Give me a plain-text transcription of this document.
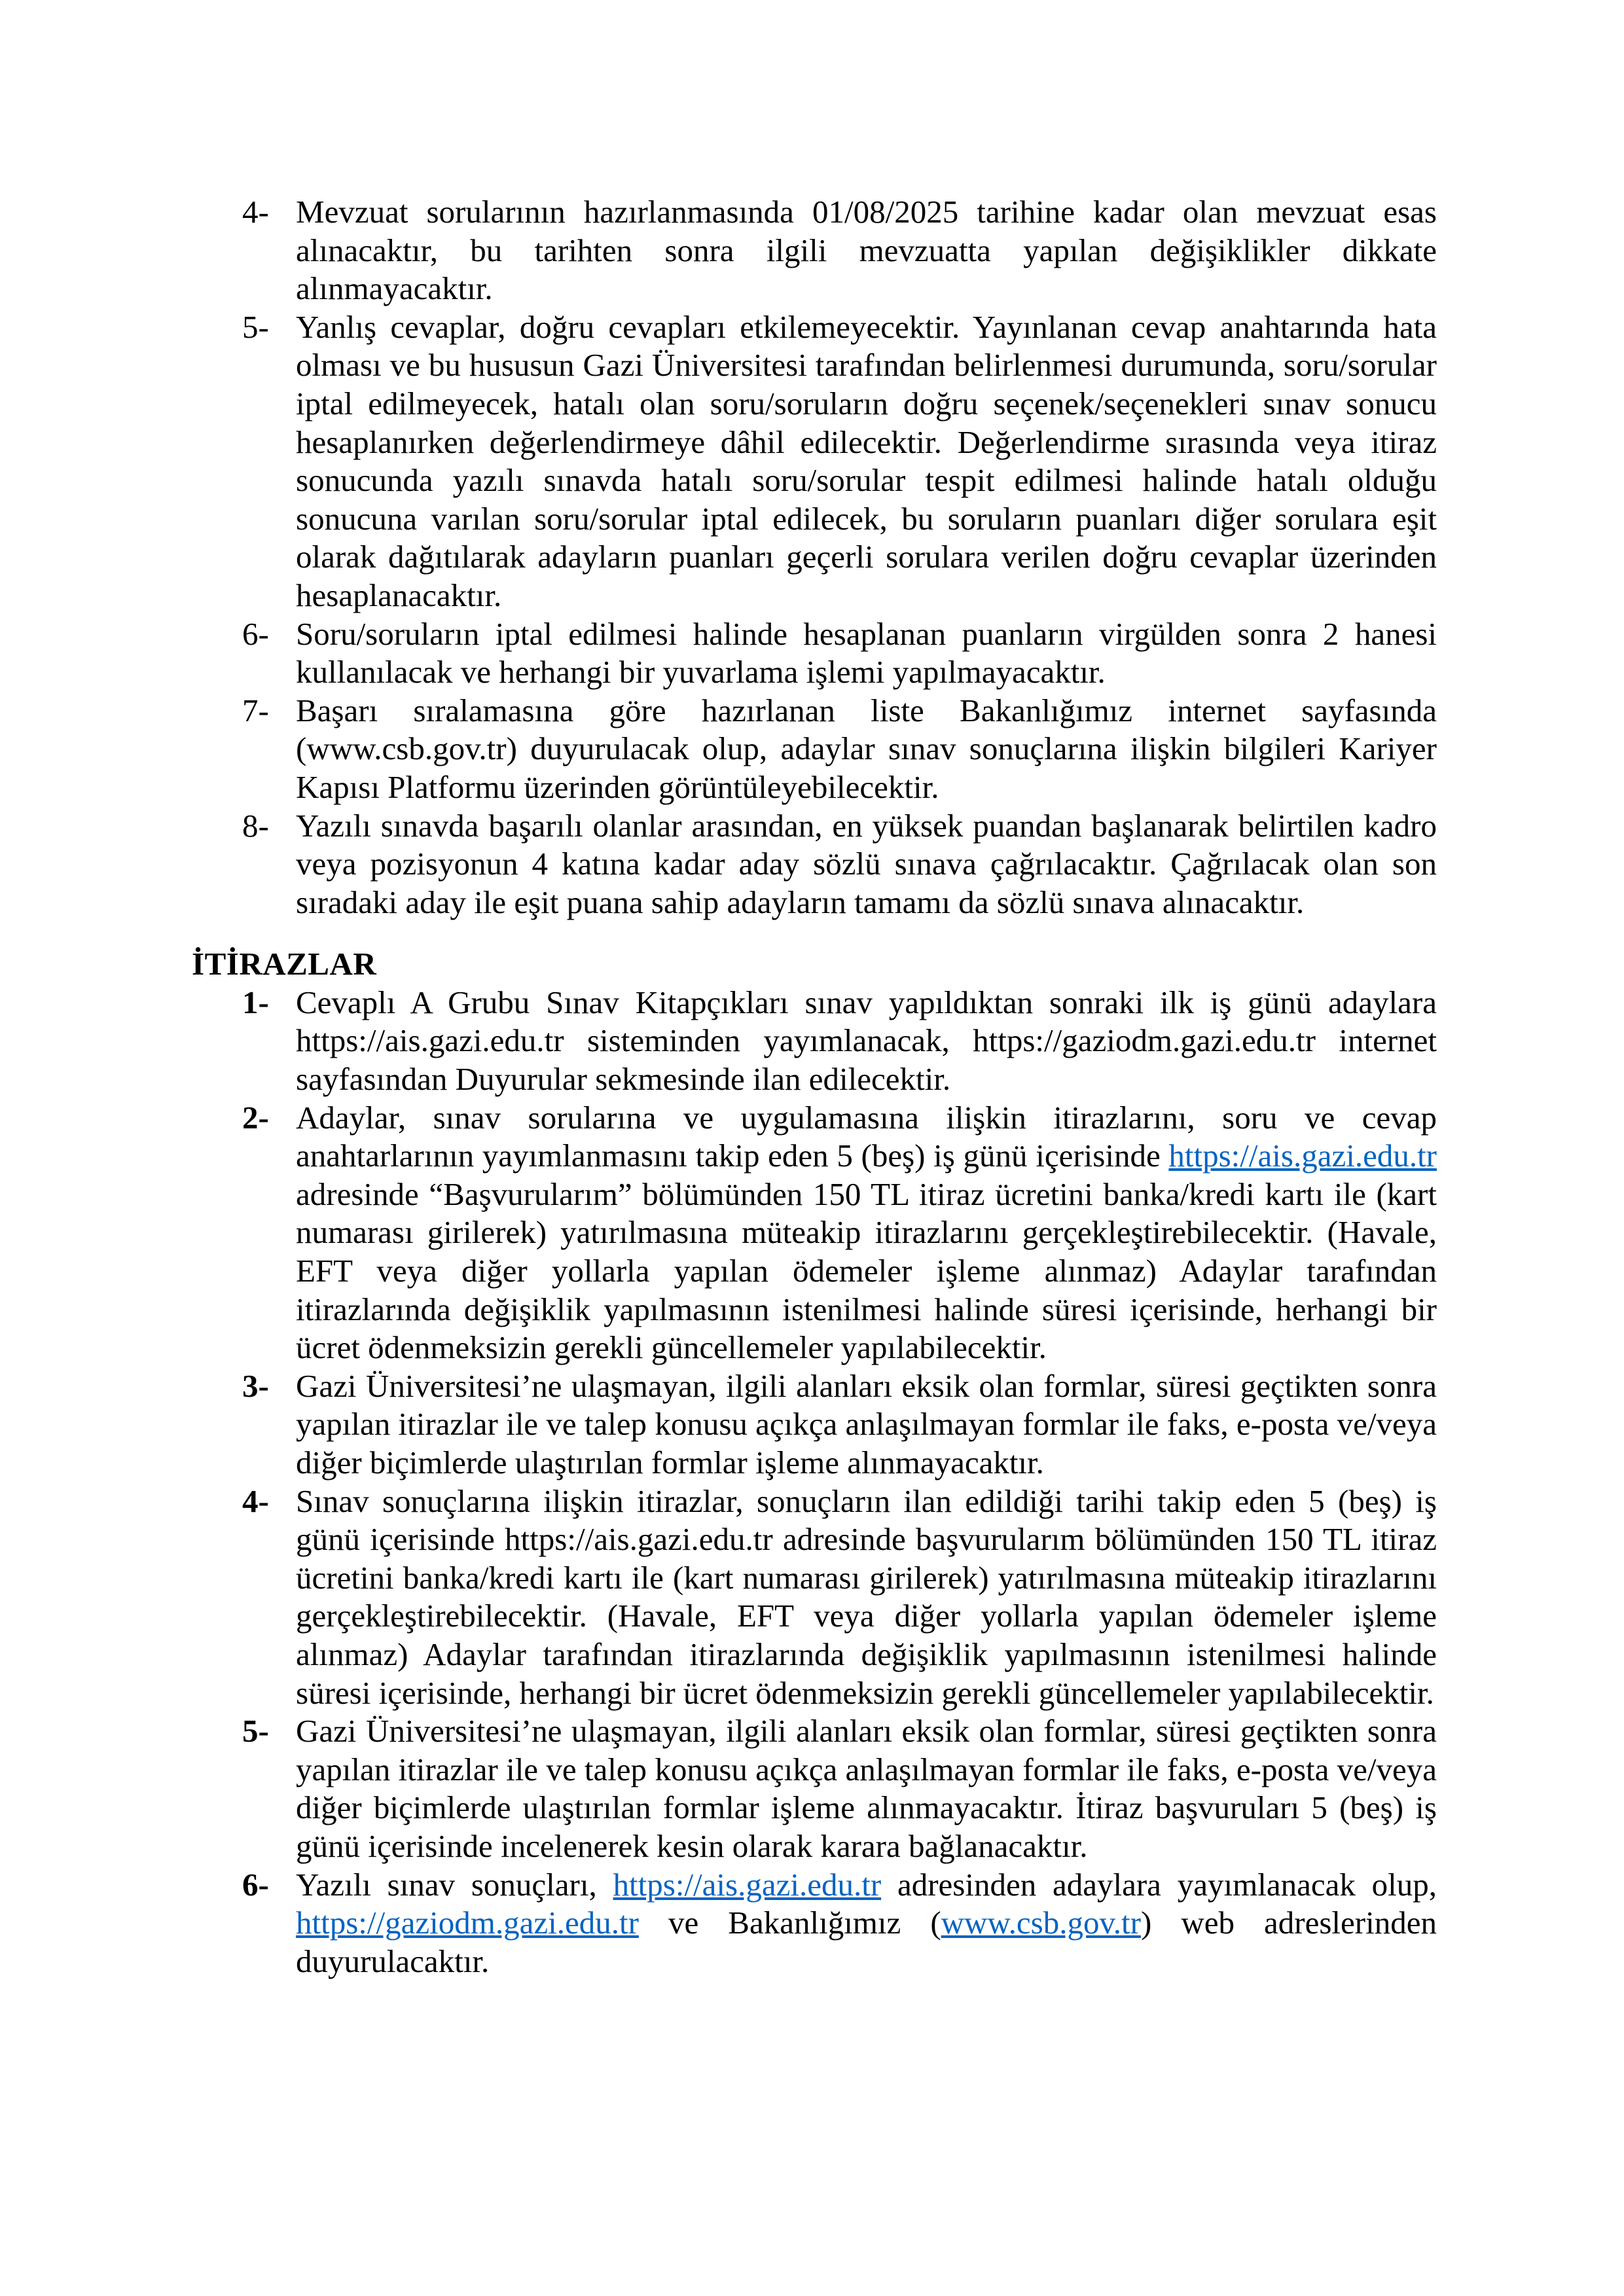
4- Mevzuat sorularının hazırlanmasında 01/08/2025 tarihine kadar olan mevzuat esas alınacaktır, bu tarihten sonra ilgili mevzuatta yapılan değişiklikler dikkate alınmayacaktır.
5- Yanlış cevaplar, doğru cevapları etkilemeyecektir. Yayınlanan cevap anahtarında hata olması ve bu hususun Gazi Üniversitesi tarafından belirlenmesi durumunda, soru/sorular iptal edilmeyecek, hatalı olan soru/soruların doğru seçenek/seçenekleri sınav sonucu hesaplanırken değerlendirmeye dâhil edilecektir. Değerlendirme sırasında veya itiraz sonucunda yazılı sınavda hatalı soru/sorular tespit edilmesi halinde hatalı olduğu sonucuna varılan soru/sorular iptal edilecek, bu soruların puanları diğer sorulara eşit olarak dağıtılarak adayların puanları geçerli sorulara verilen doğru cevaplar üzerinden hesaplanacaktır.
6- Soru/soruların iptal edilmesi halinde hesaplanan puanların virgülden sonra 2 hanesi kullanılacak ve herhangi bir yuvarlama işlemi yapılmayacaktır.
7- Başarı sıralamasına göre hazırlanan liste Bakanlığımız internet sayfasında (www.csb.gov.tr) duyurulacak olup, adaylar sınav sonuçlarına ilişkin bilgileri Kariyer Kapısı Platformu üzerinden görüntüleyebilecektir.
8- Yazılı sınavda başarılı olanlar arasından, en yüksek puandan başlanarak belirtilen kadro veya pozisyonun 4 katına kadar aday sözlü sınava çağrılacaktır. Çağrılacak olan son sıradaki aday ile eşit puana sahip adayların tamamı da sözlü sınava alınacaktır.
İTİRAZLAR
1- Cevaplı A Grubu Sınav Kitapçıkları sınav yapıldıktan sonraki ilk iş günü adaylara https://ais.gazi.edu.tr sisteminden yayımlanacak, https://gaziodm.gazi.edu.tr internet sayfasından Duyurular sekmesinde ilan edilecektir.
2- Adaylar, sınav sorularına ve uygulamasına ilişkin itirazlarını, soru ve cevap anahtarlarının yayımlanmasını takip eden 5 (beş) iş günü içerisinde https://ais.gazi.edu.tr adresinde “Başvurularım” bölümünden 150 TL itiraz ücretini banka/kredi kartı ile (kart numarası girilerek) yatırılmasına müteakip itirazlarını gerçekleştirebilecektir. (Havale, EFT veya diğer yollarla yapılan ödemeler işleme alınmaz) Adaylar tarafından itirazlarında değişiklik yapılmasının istenilmesi halinde süresi içerisinde, herhangi bir ücret ödenmeksizin gerekli güncellemeler yapılabilecektir.
3- Gazi Üniversitesi’ne ulaşmayan, ilgili alanları eksik olan formlar, süresi geçtikten sonra yapılan itirazlar ile ve talep konusu açıkça anlaşılmayan formlar ile faks, e-posta ve/veya diğer biçimlerde ulaştırılan formlar işleme alınmayacaktır.
4- Sınav sonuçlarına ilişkin itirazlar, sonuçların ilan edildiği tarihi takip eden 5 (beş) iş günü içerisinde https://ais.gazi.edu.tr adresinde başvurularım bölümünden 150 TL itiraz ücretini banka/kredi kartı ile (kart numarası girilerek) yatırılmasına müteakip itirazlarını gerçekleştirebilecektir. (Havale, EFT veya diğer yollarla yapılan ödemeler işleme alınmaz) Adaylar tarafından itirazlarında değişiklik yapılmasının istenilmesi halinde süresi içerisinde, herhangi bir ücret ödenmeksizin gerekli güncellemeler yapılabilecektir.
5- Gazi Üniversitesi’ne ulaşmayan, ilgili alanları eksik olan formlar, süresi geçtikten sonra yapılan itirazlar ile ve talep konusu açıkça anlaşılmayan formlar ile faks, e-posta ve/veya diğer biçimlerde ulaştırılan formlar işleme alınmayacaktır. İtiraz başvuruları 5 (beş) iş günü içerisinde incelenerek kesin olarak karara bağlanacaktır.
6- Yazılı sınav sonuçları, https://ais.gazi.edu.tr adresinden adaylara yayımlanacak olup, https://gaziodm.gazi.edu.tr ve Bakanlığımız (www.csb.gov.tr) web adreslerinden duyurulacaktır.
